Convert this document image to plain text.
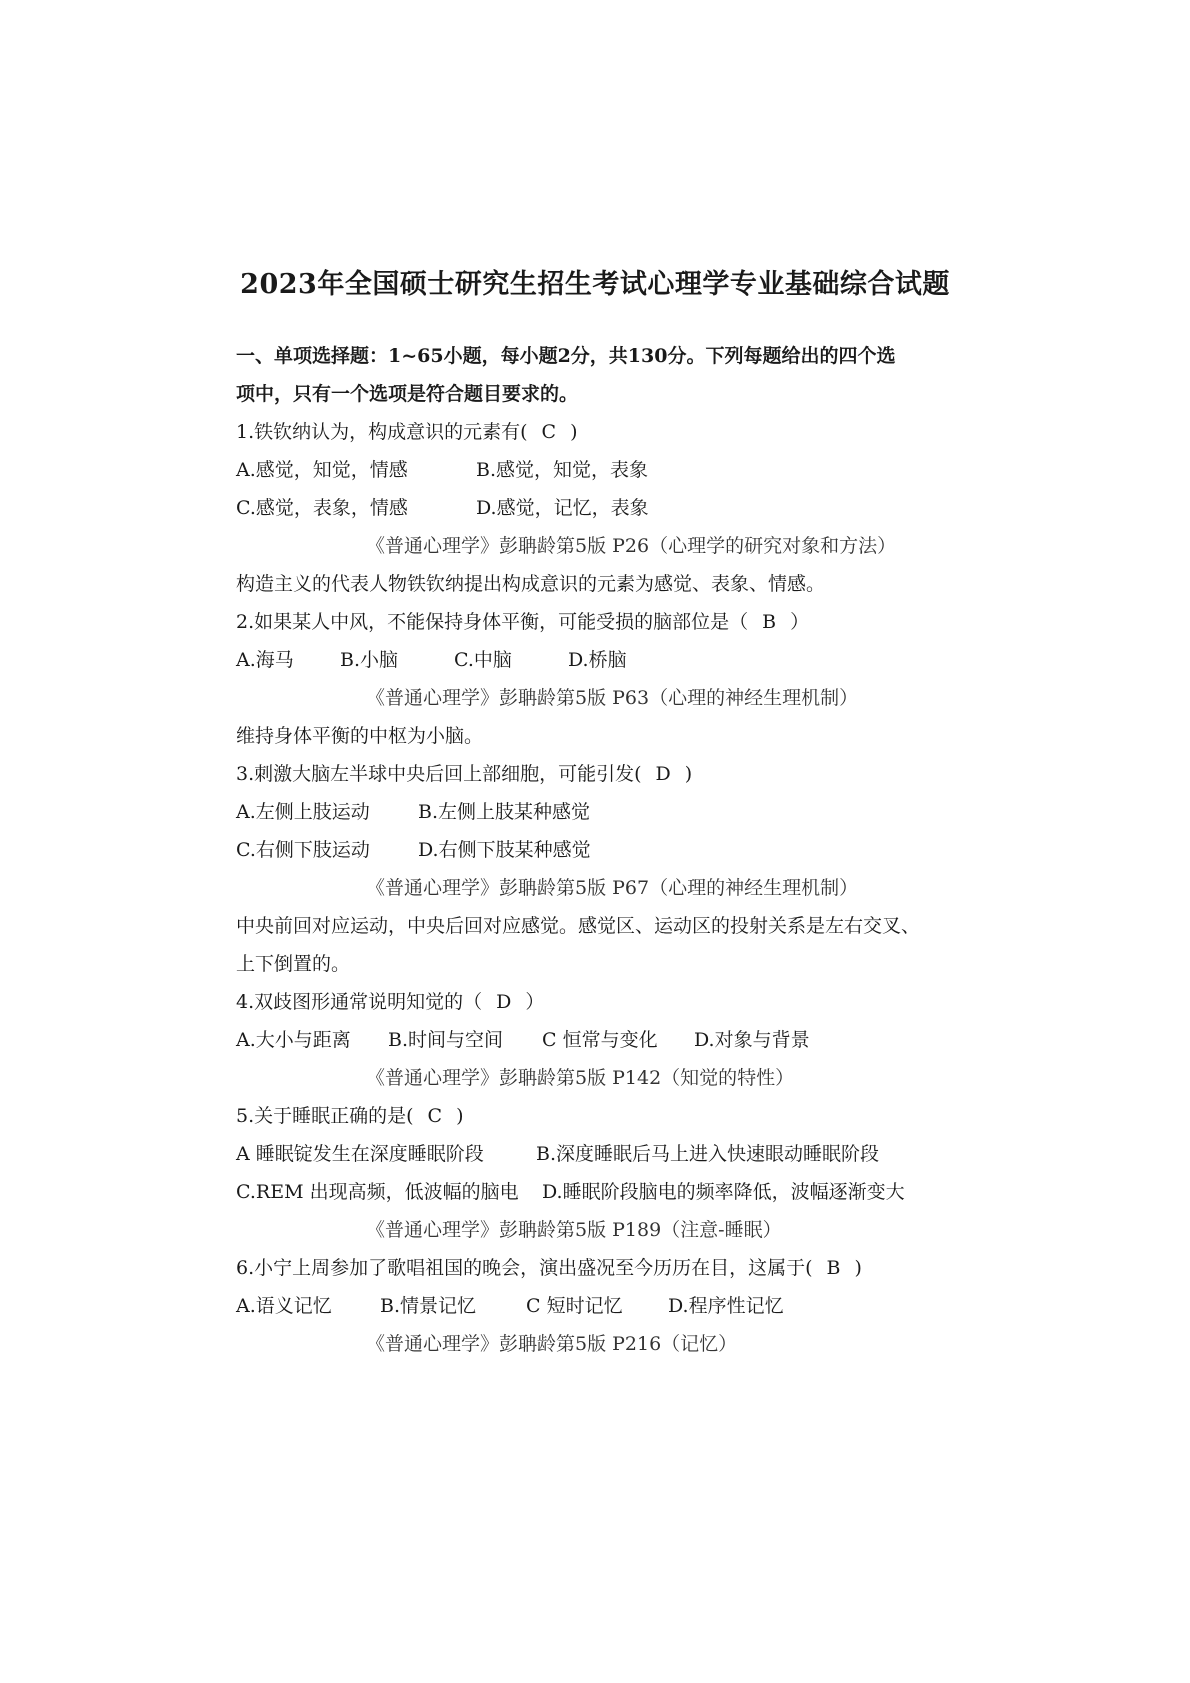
2023年全国硕士研究生招生考试心理学专业基础综合试题
一、单项选择题：1~65小题，每小题2分，共130分。下列每题给出的四个选
项中，只有一个选项是符合题目要求的。
1.铁钦纳认为，构成意识的元素有( C )
A.感觉，知觉，情感	B.感觉，知觉，表象
C.感觉，表象，情感	D.感觉，记忆，表象
《普通心理学》彭聃龄第5版 P26（心理学的研究对象和方法）
构造主义的代表人物铁钦纳提出构成意识的元素为感觉、表象、情感。
2.如果某人中风，不能保持身体平衡，可能受损的脑部位是（ B ）
A.海马 B.小脑	C.中脑	D.桥脑
《普通心理学》彭聃龄第5版 P63（心理的神经生理机制）
维持身体平衡的中枢为小脑。
3.刺激大脑左半球中央后回上部细胞，可能引发( D )
A.左侧上肢运动	B.左侧上肢某种感觉
C.右侧下肢运动	D.右侧下肢某种感觉
《普通心理学》彭聃龄第5版 P67（心理的神经生理机制）
中央前回对应运动，中央后回对应感觉。感觉区、运动区的投射关系是左右交叉、
上下倒置的。
4.双歧图形通常说明知觉的（ D ）
A.大小与距离 B.时间与空间 C 恒常与变化 D.对象与背景
《普通心理学》彭聃龄第5版 P142（知觉的特性）
5.关于睡眠正确的是( C )
A 睡眠锭发生在深度睡眠阶段	B.深度睡眠后马上进入快速眼动睡眠阶段
C.REM 出现高频，低波幅的脑电 D.睡眠阶段脑电的频率降低，波幅逐渐变大
《普通心理学》彭聃龄第5版 P189（注意-睡眠）
6.小宁上周参加了歌唱祖国的晚会，演出盛况至今历历在目，这属于( B )
A.语义记忆	B.情景记忆	C 短时记忆 D.程序性记忆
《普通心理学》彭聃龄第5版 P216（记忆）
